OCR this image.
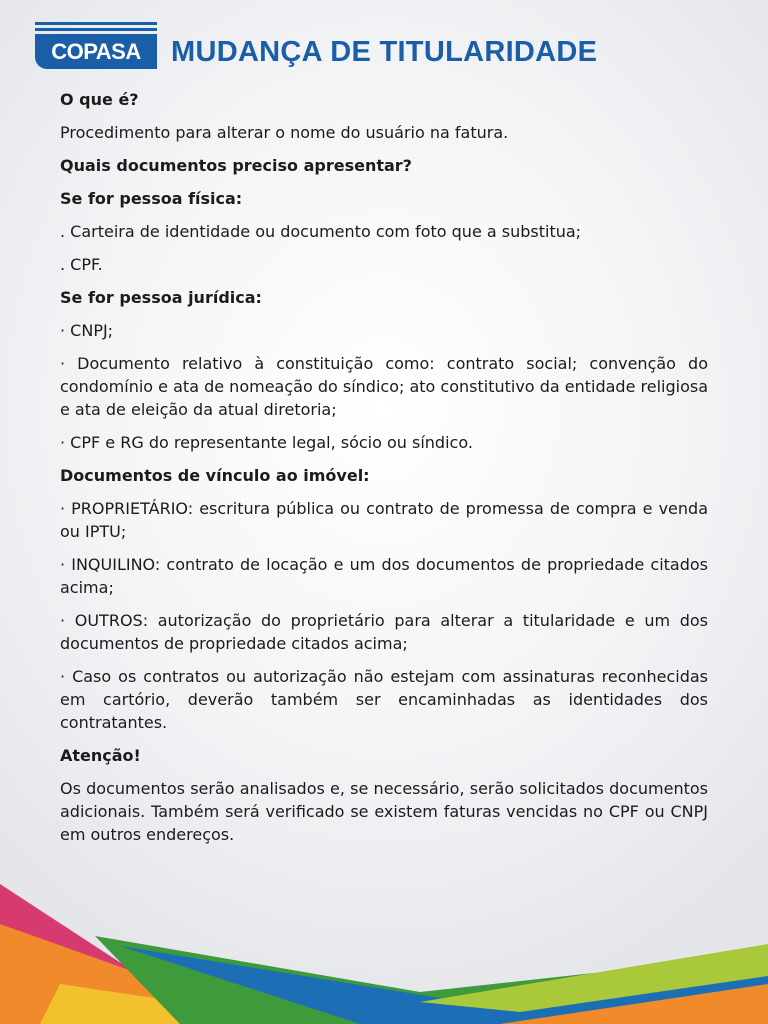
COPASA	MUDANÇA DE TITULARIDADE
O que é?
Procedimento para alterar o nome do usuário na fatura.
Quais documentos preciso apresentar?
Se for pessoa física:
. Carteira de identidade ou documento com foto que a substitua;
. CPF.
Se for pessoa jurídica:
· CNPJ;
· Documento relativo à constituição como: contrato social; convenção do condomínio e ata de nomeação do síndico; ato constitutivo da entidade religiosa e ata de eleição da atual diretoria;
· CPF e RG do representante legal, sócio ou síndico.
Documentos de vínculo ao imóvel:
· PROPRIETÁRIO: escritura pública ou contrato de promessa de compra e venda ou IPTU;
· INQUILINO: contrato de locação e um dos documentos de propriedade citados acima;
· OUTROS: autorização do proprietário para alterar a titularidade e um dos documentos de propriedade citados acima;
· Caso os contratos ou autorização não estejam com assinaturas reconhecidas em cartório, deverão também ser encaminhadas as identidades dos contratantes.
Atenção!
Os documentos serão analisados e, se necessário, serão solicitados documentos adicionais. Também será verificado se existem faturas vencidas no CPF ou CNPJ em outros endereços.
